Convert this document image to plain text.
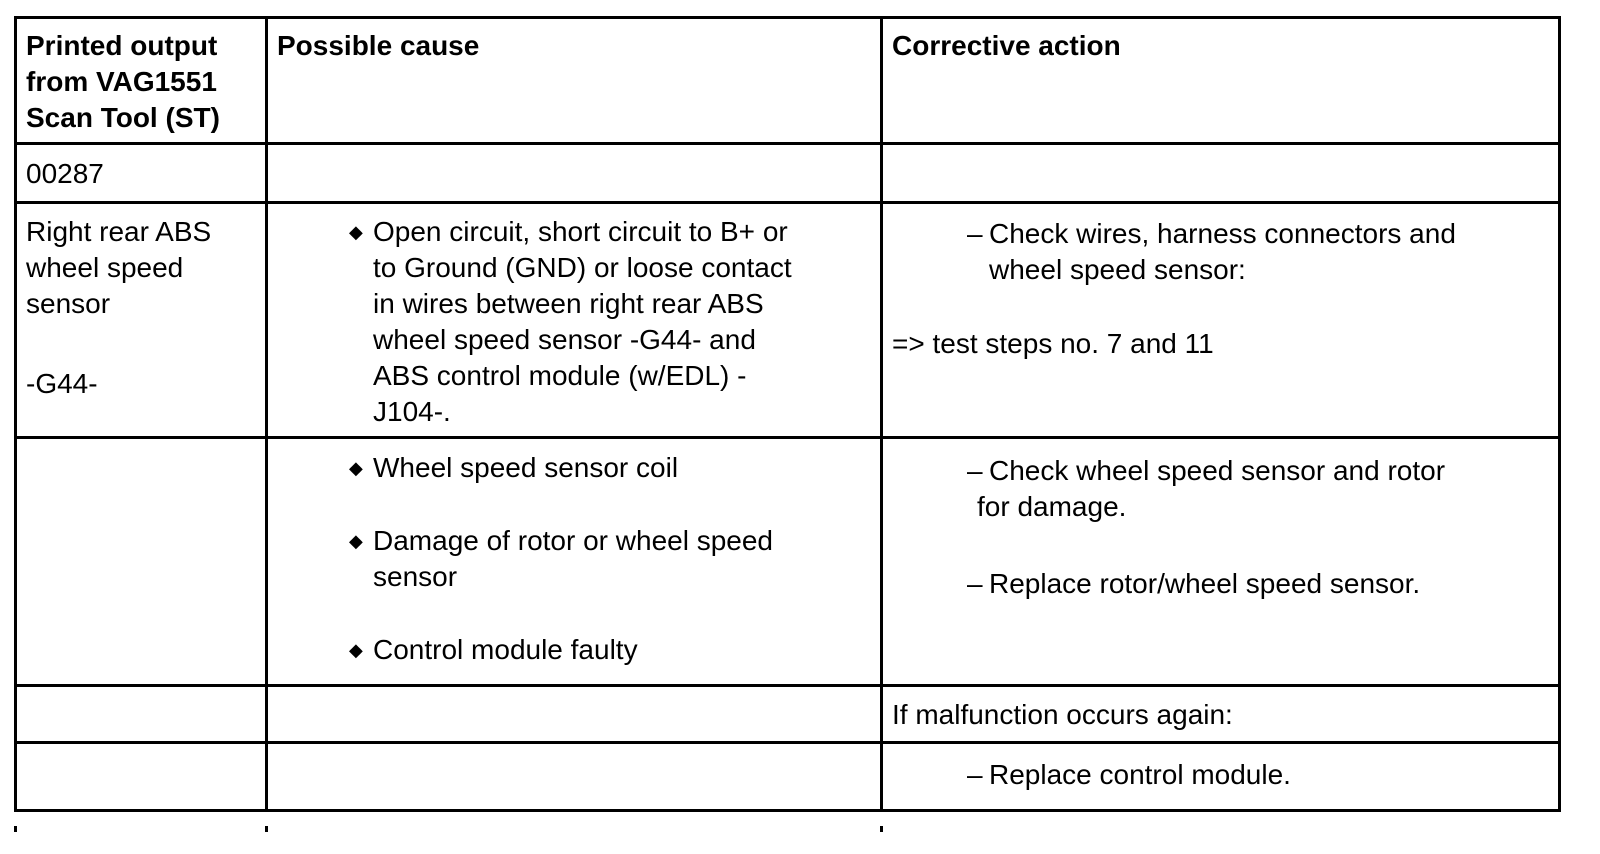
Printed output
from VAG1551
Scan Tool (ST)
Possible cause	Corrective action
00287
Right rear ABS
wheel speed
sensor
-G44-
◆ Open circuit, short circuit to B+ or
to Ground (GND) or loose contact
in wires between right rear ABS
wheel speed sensor -G44- and
ABS control module (w/EDL) -
J104-.
– Check wires, harness connectors and
wheel speed sensor:
=> test steps no. 7 and 11
◆ Wheel speed sensor coil
◆ Damage of rotor or wheel speed
sensor
◆ Control module faulty
– Check wheel speed sensor and rotor
for damage.
– Replace rotor/wheel speed sensor.
If malfunction occurs again:
– Replace control module.
